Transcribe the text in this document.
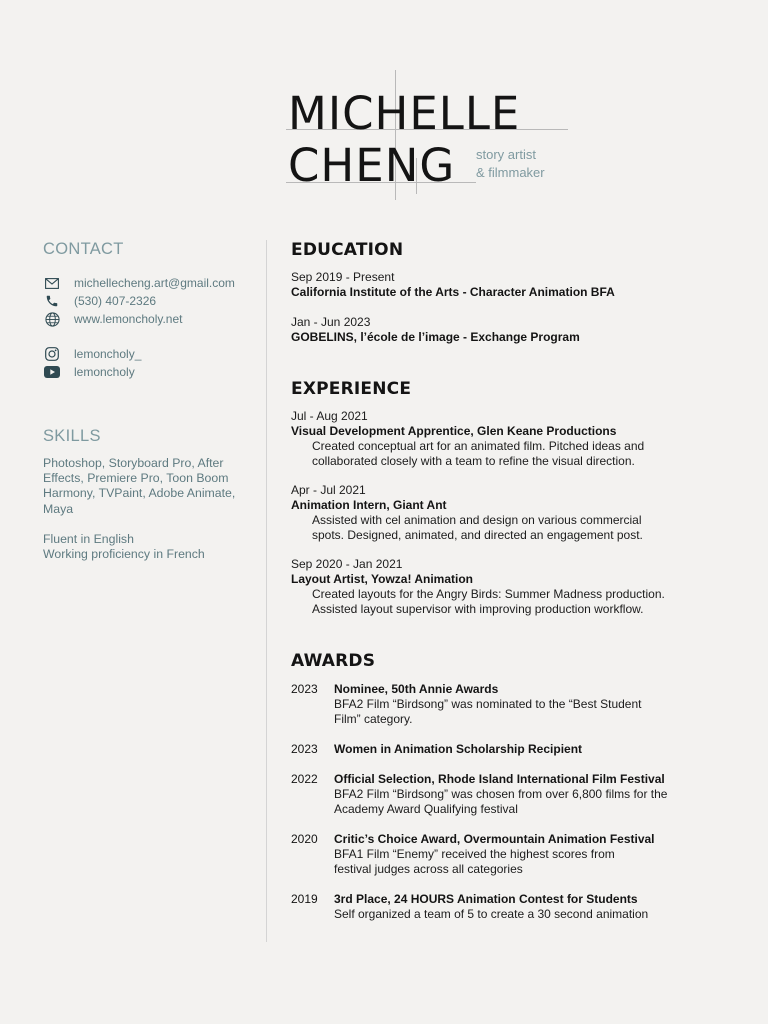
MICHELLE
CHENG story artist
& filmmaker
CONTACT
michellecheng.art@gmail.com
(530) 407-2326
www.lemoncholy.net
lemoncholy_
lemoncholy
SKILLS

Photoshop, Storyboard Pro, After Effects, Premiere Pro, Toon Boom Harmony, TVPaint, Adobe Animate, Maya

Fluent in English

Working proficiency in French

EDUCATION
Sep 2019 - Present
California Institute of the Arts - Character Animation BFA
Jan - Jun 2023
GOBELINS, l’école de l’image - Exchange Program
EXPERIENCE
Jul - Aug 2021
Visual Development Apprentice, Glen Keane Productions
Created conceptual art for an animated film. Pitched ideas and
collaborated closely with a team to refine the visual direction.
Apr - Jul 2021
Animation Intern, Giant Ant
Assisted with cel animation and design on various commercial
spots. Designed, animated, and directed an engagement post.
Sep 2020 - Jan 2021
Layout Artist, Yowza! Animation
Created layouts for the Angry Birds: Summer Madness production.
Assisted layout supervisor with improving production workflow.
AWARDS
2023	Nominee, 50th Annie Awards
BFA2 Film “Birdsong” was nominated to the “Best Student
Film” category.
2023	Women in Animation Scholarship Recipient
2022	Official Selection, Rhode Island International Film Festival
BFA2 Film “Birdsong” was chosen from over 6,800 films for the
Academy Award Qualifying festival
2020	Critic’s Choice Award, Overmountain Animation Festival
BFA1 Film “Enemy” received the highest scores from
festival judges across all categories
2019	3rd Place, 24 HOURS Animation Contest for Students
Self organized a team of 5 to create a 30 second animation
